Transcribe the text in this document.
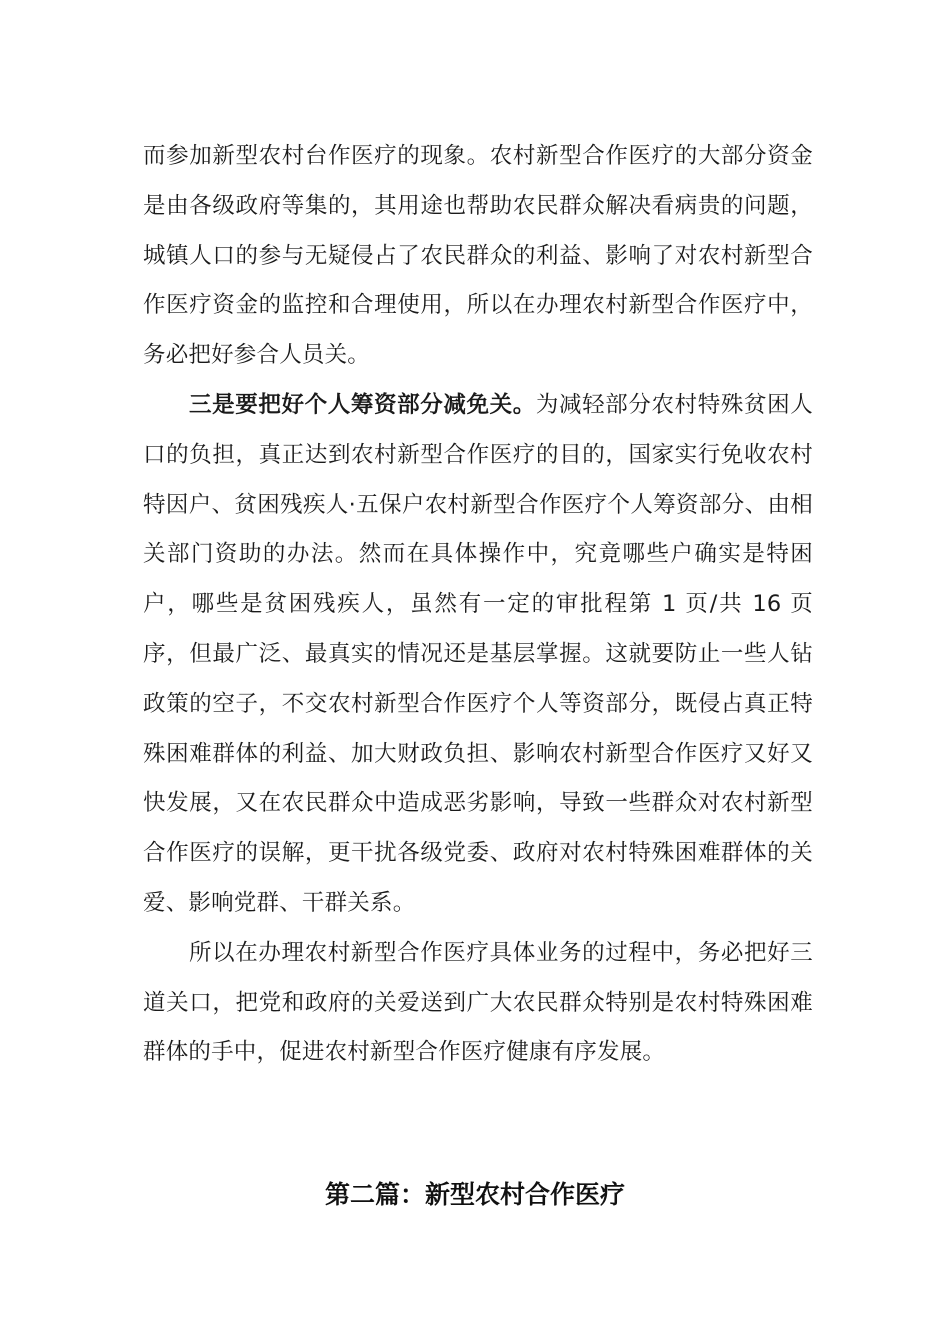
而参加新型农村台作医疗的现象。农村新型合作医疗的大部分资金是由各级政府等集的，其用途也帮助农民群众解决看病贵的问题，城镇人口的参与无疑侵占了农民群众的利益、影响了对农村新型合作医疗资金的监控和合理使用，所以在办理农村新型合作医疗中，务必把好参合人员关。

三是要把好个人筹资部分减免关。为减轻部分农村特殊贫困人口的负担，真正达到农村新型合作医疗的目的，国家实行免收农村特因户、贫困残疾人·五保户农村新型合作医疗个人筹资部分、由相关部门资助的办法。然而在具体操作中，究竟哪些户确实是特困户，哪些是贫困残疾人，虽然有一定的审批程第 1 页/共 16 页序，但最广泛、最真实的情况还是基层掌握。这就要防止一些人钻政策的空子，不交农村新型合作医疗个人等资部分，既侵占真正特殊困难群体的利益、加大财政负担、影响农村新型合作医疗又好又快发展，又在农民群众中造成恶劣影响，导致一些群众对农村新型合作医疗的误解，更干扰各级党委、政府对农村特殊困难群体的关爱、影响党群、干群关系。

所以在办理农村新型合作医疗具体业务的过程中，务必把好三道关口，把党和政府的关爱送到广大农民群众特别是农村特殊困难群体的手中，促进农村新型合作医疗健康有序发展。

第二篇：新型农村合作医疗
